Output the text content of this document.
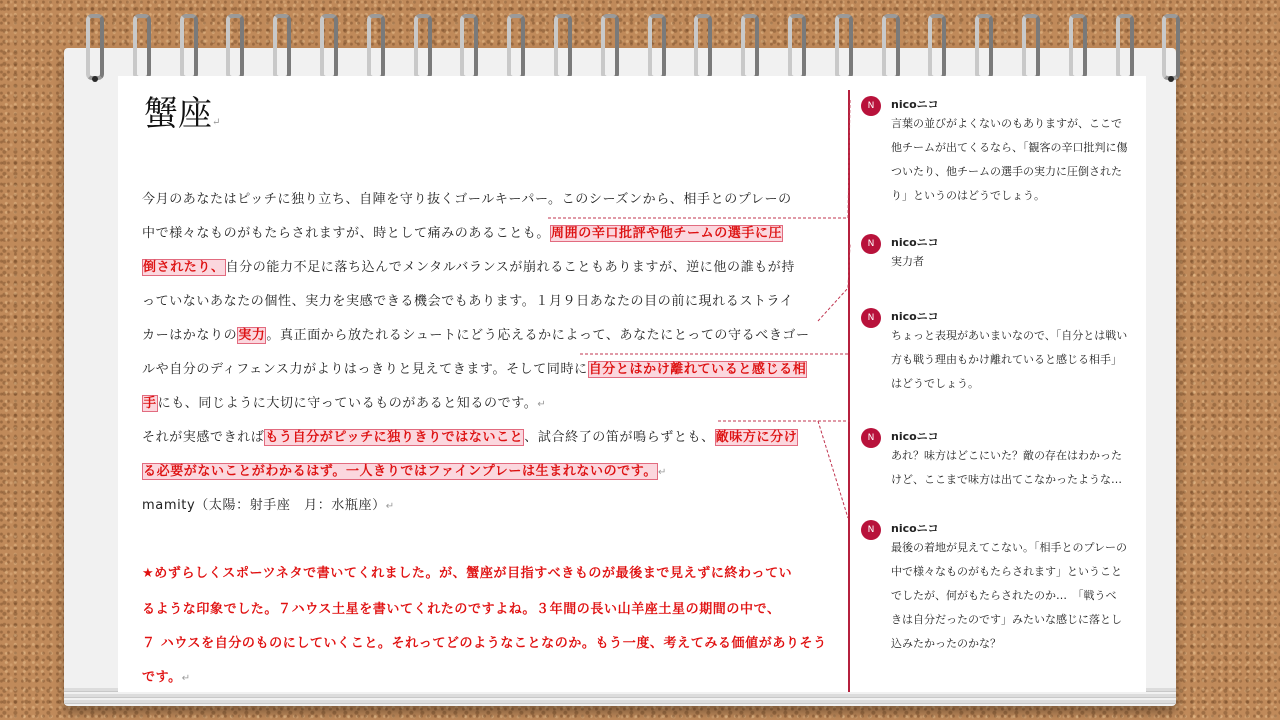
蟹座↵
今月のあなたはピッチに独り立ち、自陣を守り抜くゴールキーパー。このシーズンから、相手とのプレーの
中で様々なものがもたらされますが、時として痛みのあることも。周囲の辛口批評や他チームの選手に圧
倒されたり、自分の能力不足に落ち込んでメンタルバランスが崩れることもありますが、逆に他の誰もが持
っていないあなたの個性、実力を実感できる機会でもあります。１月９日あなたの目の前に現れるストライ
カーはかなりの実力。真正面から放たれるシュートにどう応えるかによって、あなたにとっての守るべきゴー
ルや自分のディフェンス力がよりはっきりと見えてきます。そして同時に自分とはかけ離れていると感じる相
手にも、同じように大切に守っているものがあると知るのです。↵
それが実感できればもう自分がピッチに独りきりではないこと、試合終了の笛が鳴らずとも、敵味方に分け
る必要がないことがわかるはず。一人きりではファインプレーは生まれないのです。↵
mamity（太陽：射手座　月：水瓶座）↵
★めずらしくスポーツネタで書いてくれました。が、蟹座が目指すべきものが最後まで見えずに終わってい
るような印象でした。７ハウス土星を書いてくれたのですよね。３年間の長い山羊座土星の期間の中で、
７ ハウスを自分のものにしていくこと。それってどのようなことなのか。もう一度、考えてみる価値がありそう
です。↵
N	nicoニコ
言葉の並びがよくないのもありますが、ここで
他チームが出てくるなら、「観客の辛口批判に傷
ついたり、他チームの選手の実力に圧倒された
り」というのはどうでしょう。
N	nicoニコ
実力者
N	nicoニコ
ちょっと表現があいまいなので、「自分とは戦い
方も戦う理由もかけ離れていると感じる相手」
はどうでしょう。
N	nicoニコ
あれ？味方はどこにいた？敵の存在はわかった
けど、ここまで味方は出てこなかったような…
N	nicoニコ
最後の着地が見えてこない。「相手とのプレーの
中で様々なものがもたらされます」ということ
でしたが、何がもたらされたのか…　「戦うべ
きは自分だったのです」みたいな感じに落とし
込みたかったのかな？
